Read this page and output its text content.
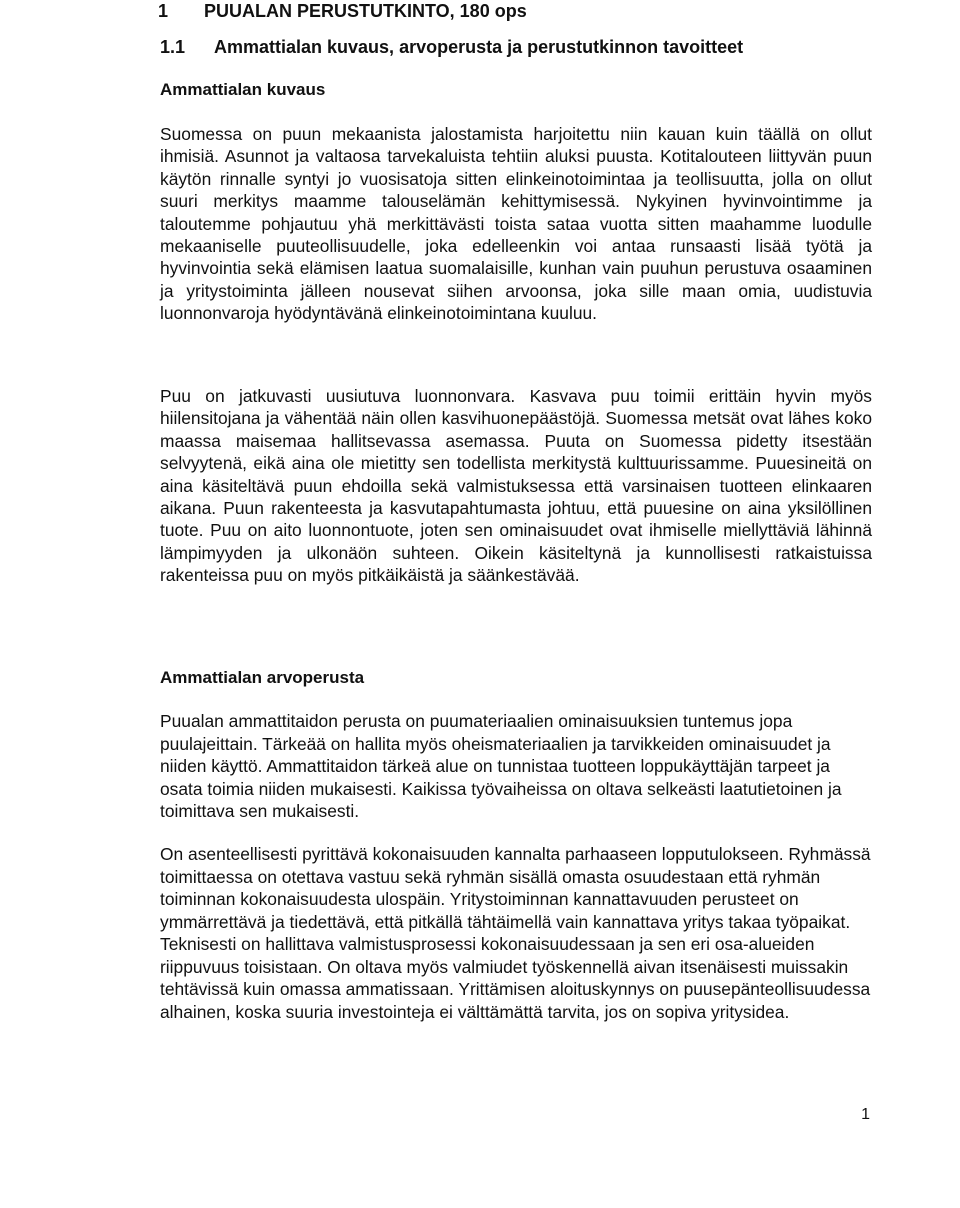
1 PUUALAN PERUSTUTKINTO, 180 ops
1.1 Ammattialan kuvaus, arvoperusta ja perustutkinnon tavoitteet
Ammattialan kuvaus

Suomessa on puun mekaanista jalostamista harjoitettu niin kauan kuin täällä on ollut ihmisiä. Asunnot ja valtaosa tarvekaluista tehtiin aluksi puusta. Kotitalouteen liittyvän puun käytön rinnalle syntyi jo vuosisatoja sitten elinkeinotoimintaa ja teollisuutta, jolla on ollut suuri merkitys maamme talouselämän kehittymisessä. Nykyinen hyvinvointimme ja taloutemme pohjautuu yhä merkittävästi toista sataa vuotta sitten maahamme luodulle mekaaniselle puuteollisuudelle, joka edelleenkin voi antaa runsaasti lisää työtä ja hyvinvointia sekä elämisen laatua suomalaisille, kunhan vain puuhun perustuva osaaminen ja yritystoiminta jälleen nousevat siihen arvoonsa, joka sille maan omia, uudistuvia luonnonvaroja hyödyntävänä elinkeinotoimintana kuuluu.

Puu on jatkuvasti uusiutuva luonnonvara. Kasvava puu toimii erittäin hyvin myös hiilensitojana ja vähentää näin ollen kasvihuonepäästöjä. Suomessa metsät ovat lähes koko maassa maisemaa hallitsevassa asemassa. Puuta on Suomessa pidetty itsestään selvyytenä, eikä aina ole mietitty sen todellista merkitystä kulttuurissamme. Puuesineitä on aina käsiteltävä puun ehdoilla sekä valmistuksessa että varsinaisen tuotteen elinkaaren aikana. Puun rakenteesta ja kasvutapahtumasta johtuu, että puuesine on aina yksilöllinen tuote. Puu on aito luonnontuote, joten sen ominaisuudet ovat ihmiselle miellyttäviä lähinnä lämpimyyden ja ulkonäön suhteen. Oikein käsiteltynä ja kunnollisesti ratkaistuissa rakenteissa puu on myös pitkäikäistä ja säänkestävää.

Ammattialan arvoperusta

Puualan ammattitaidon perusta on puumateriaalien ominaisuuksien tuntemus jopa puulajeittain. Tärkeää on hallita myös oheismateriaalien ja tarvikkeiden ominaisuudet ja niiden käyttö. Ammattitaidon tärkeä alue on tunnistaa tuotteen loppukäyttäjän tarpeet ja osata toimia niiden mukaisesti. Kaikissa työvaiheissa on oltava selkeästi laatutietoinen ja toimittava sen mukaisesti.

On asenteellisesti pyrittävä kokonaisuuden kannalta parhaaseen lopputulokseen. Ryhmässä toimittaessa on otettava vastuu sekä ryhmän sisällä omasta osuudestaan että ryhmän toiminnan kokonaisuudesta ulospäin. Yritystoiminnan kannattavuuden perusteet on ymmärrettävä ja tiedettävä, että pitkällä tähtäimellä vain kannattava yritys takaa työpaikat. Teknisesti on hallittava valmistusprosessi kokonaisuudessaan ja sen eri osa-alueiden riippuvuus toisistaan. On oltava myös valmiudet työskennellä aivan itsenäisesti muissakin tehtävissä kuin omassa ammatissaan. Yrittämisen aloituskynnys on puusepänteollisuudessa alhainen, koska suuria investointeja ei välttämättä tarvita, jos on sopiva yritysidea.

1
